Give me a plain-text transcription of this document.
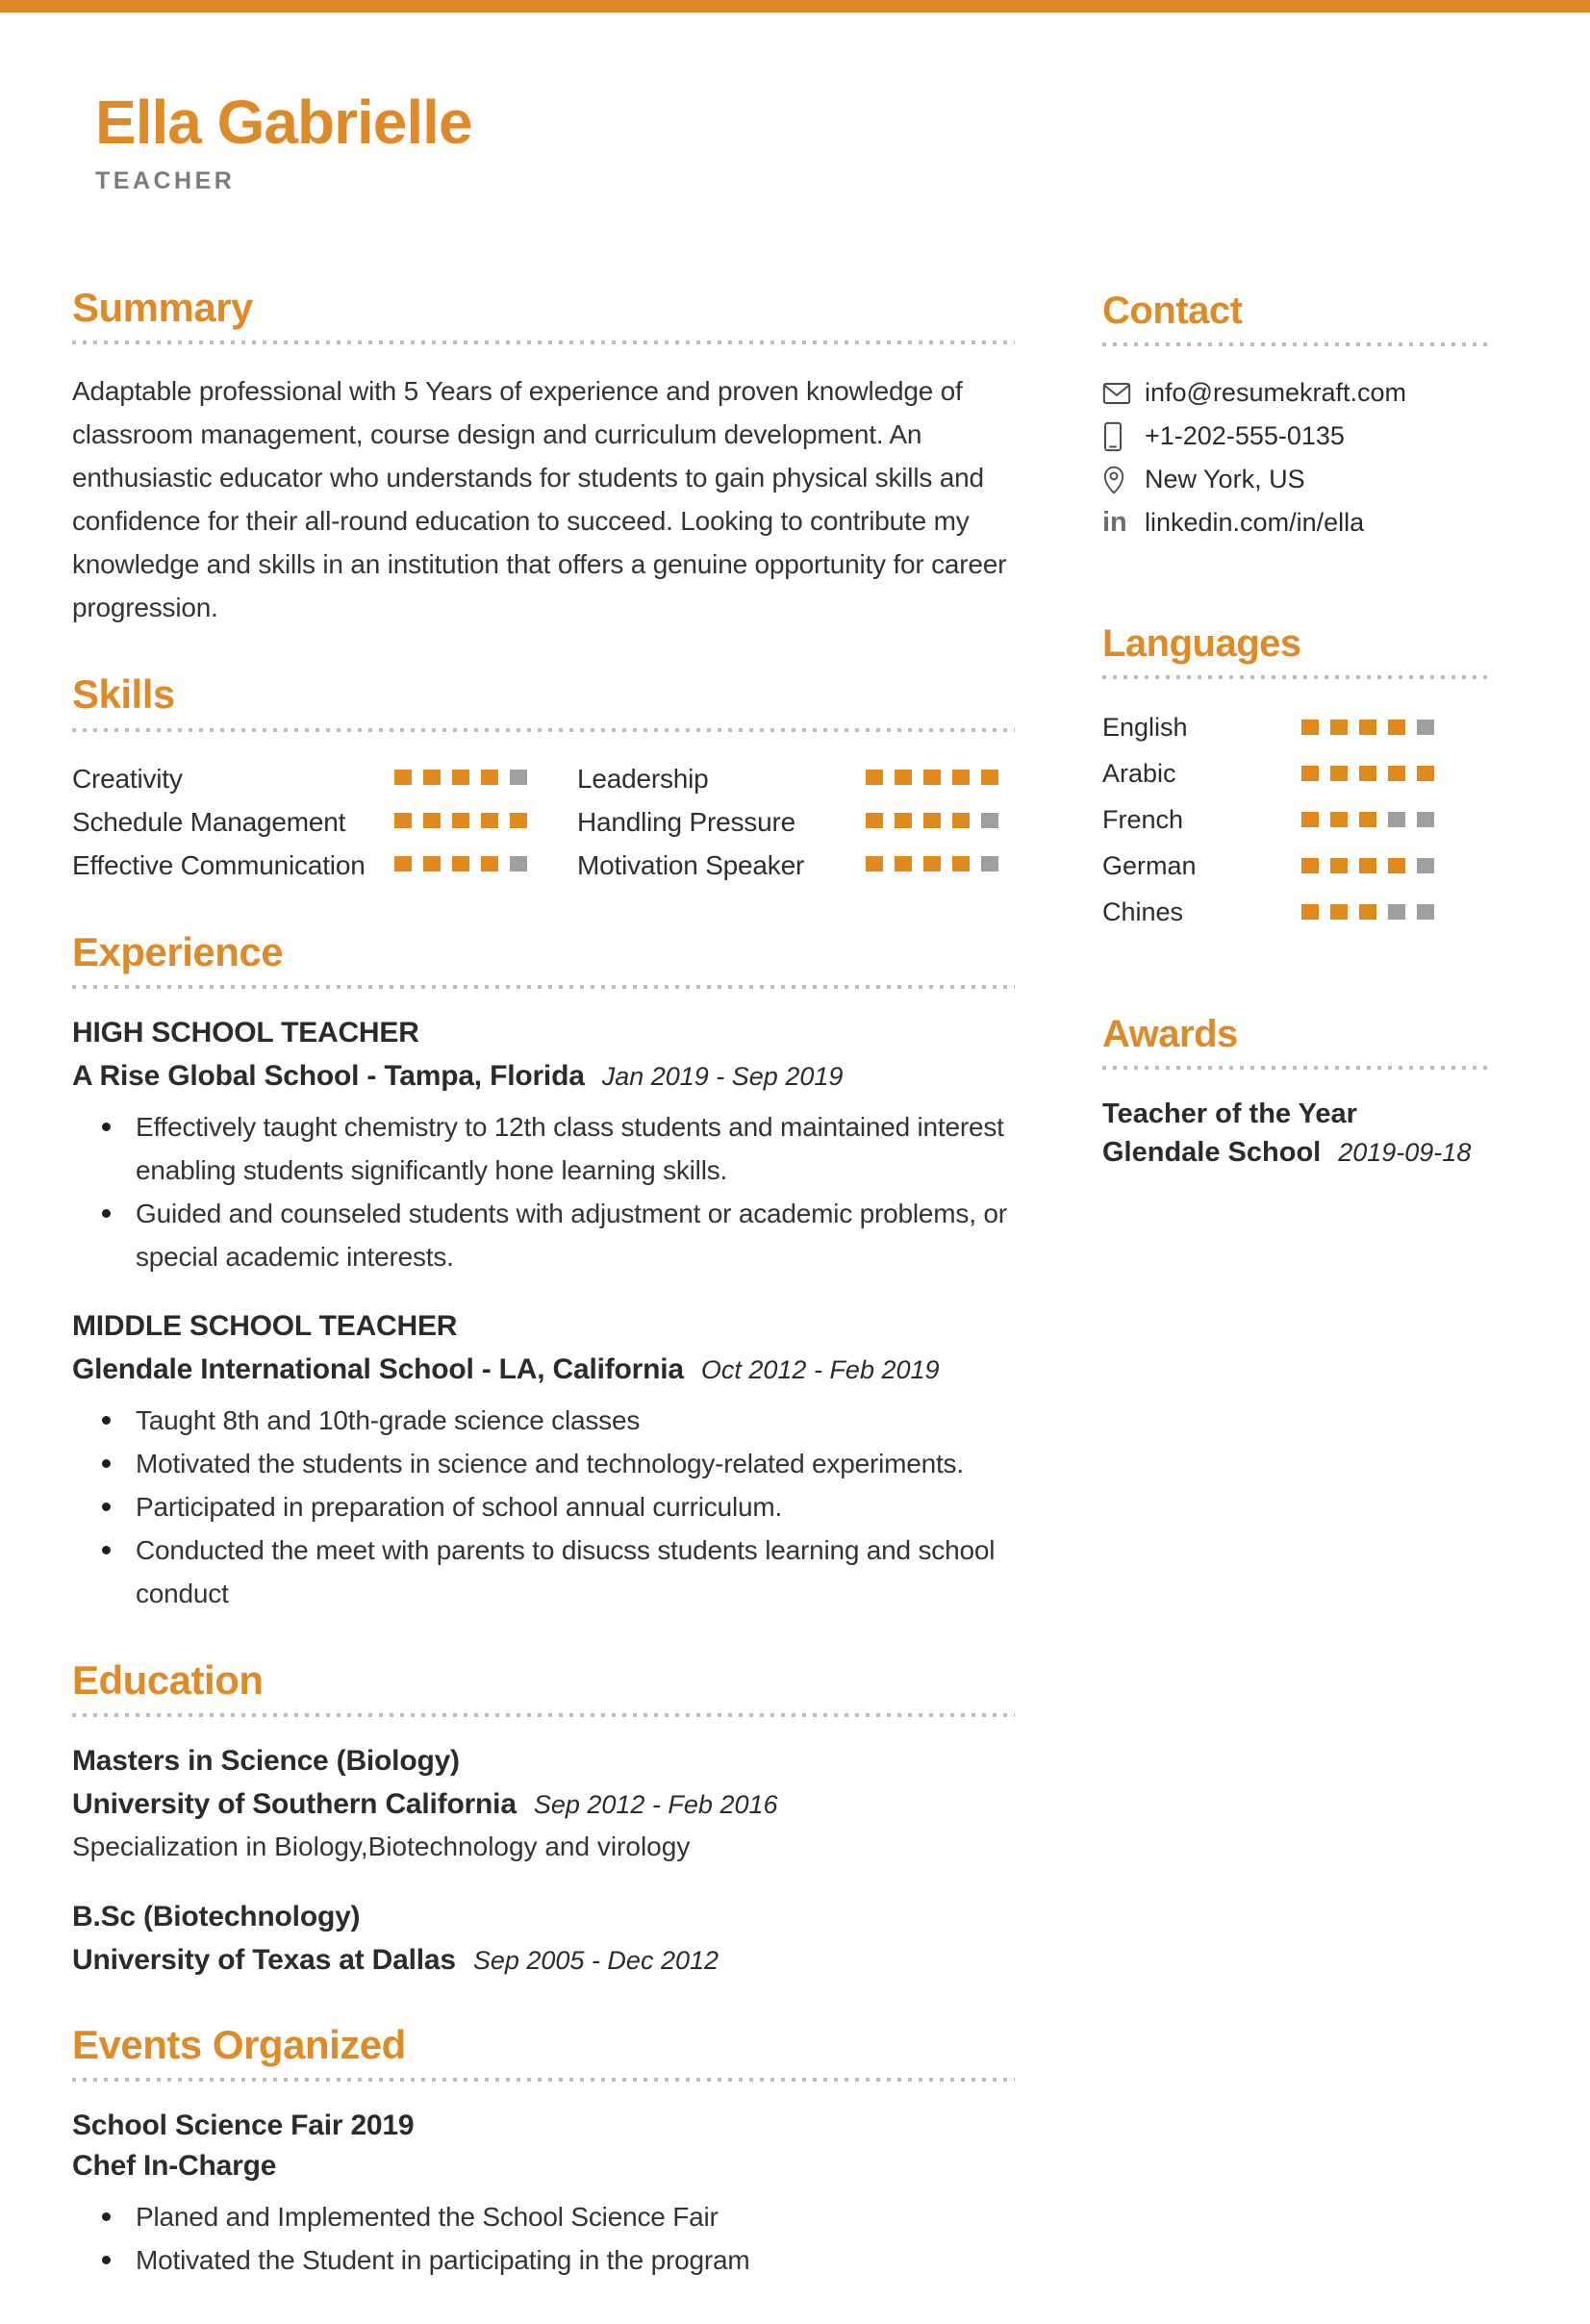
Ella Gabrielle
TEACHER
Summary

Adaptable professional with 5 Years of experience and proven knowledge of classroom management, course design and curriculum development. An enthusiastic educator who understands for students to gain physical skills and confidence for their all-round education to succeed. Looking to contribute my knowledge and skills in an institution that offers a genuine opportunity for career progression.

Skills
Creativity
Schedule Management
Effective Communication
Leadership
Handling Pressure
Motivation Speaker
Experience
HIGH SCHOOL TEACHER
A Rise Global School - Tampa, Florida Jan 2019 - Sep 2019
Effectively taught chemistry to 12th class students and maintained interest enabling students significantly hone learning skills.
Guided and counseled students with adjustment or academic problems, or special academic interests.
MIDDLE SCHOOL TEACHER
Glendale International School - LA, California Oct 2012 - Feb 2019
Taught 8th and 10th-grade science classes
Motivated the students in science and technology-related experiments.
Participated in preparation of school annual curriculum.
Conducted the meet with parents to disucss students learning and school conduct
Education
Masters in Science (Biology)
University of Southern California Sep 2012 - Feb 2016

Specialization in Biology,Biotechnology and virology

B.Sc (Biotechnology)
University of Texas at Dallas Sep 2005 - Dec 2012
Events Organized
School Science Fair 2019
Chef In-Charge
Planed and Implemented the School Science Fair
Motivated the Student in participating in the program
Contact
info@resumekraft.com
+1-202-555-0135
New York, US
in linkedin.com/in/ella
Languages
English
Arabic
French
German
Chines
Awards
Teacher of the Year
Glendale School 2019-09-18
